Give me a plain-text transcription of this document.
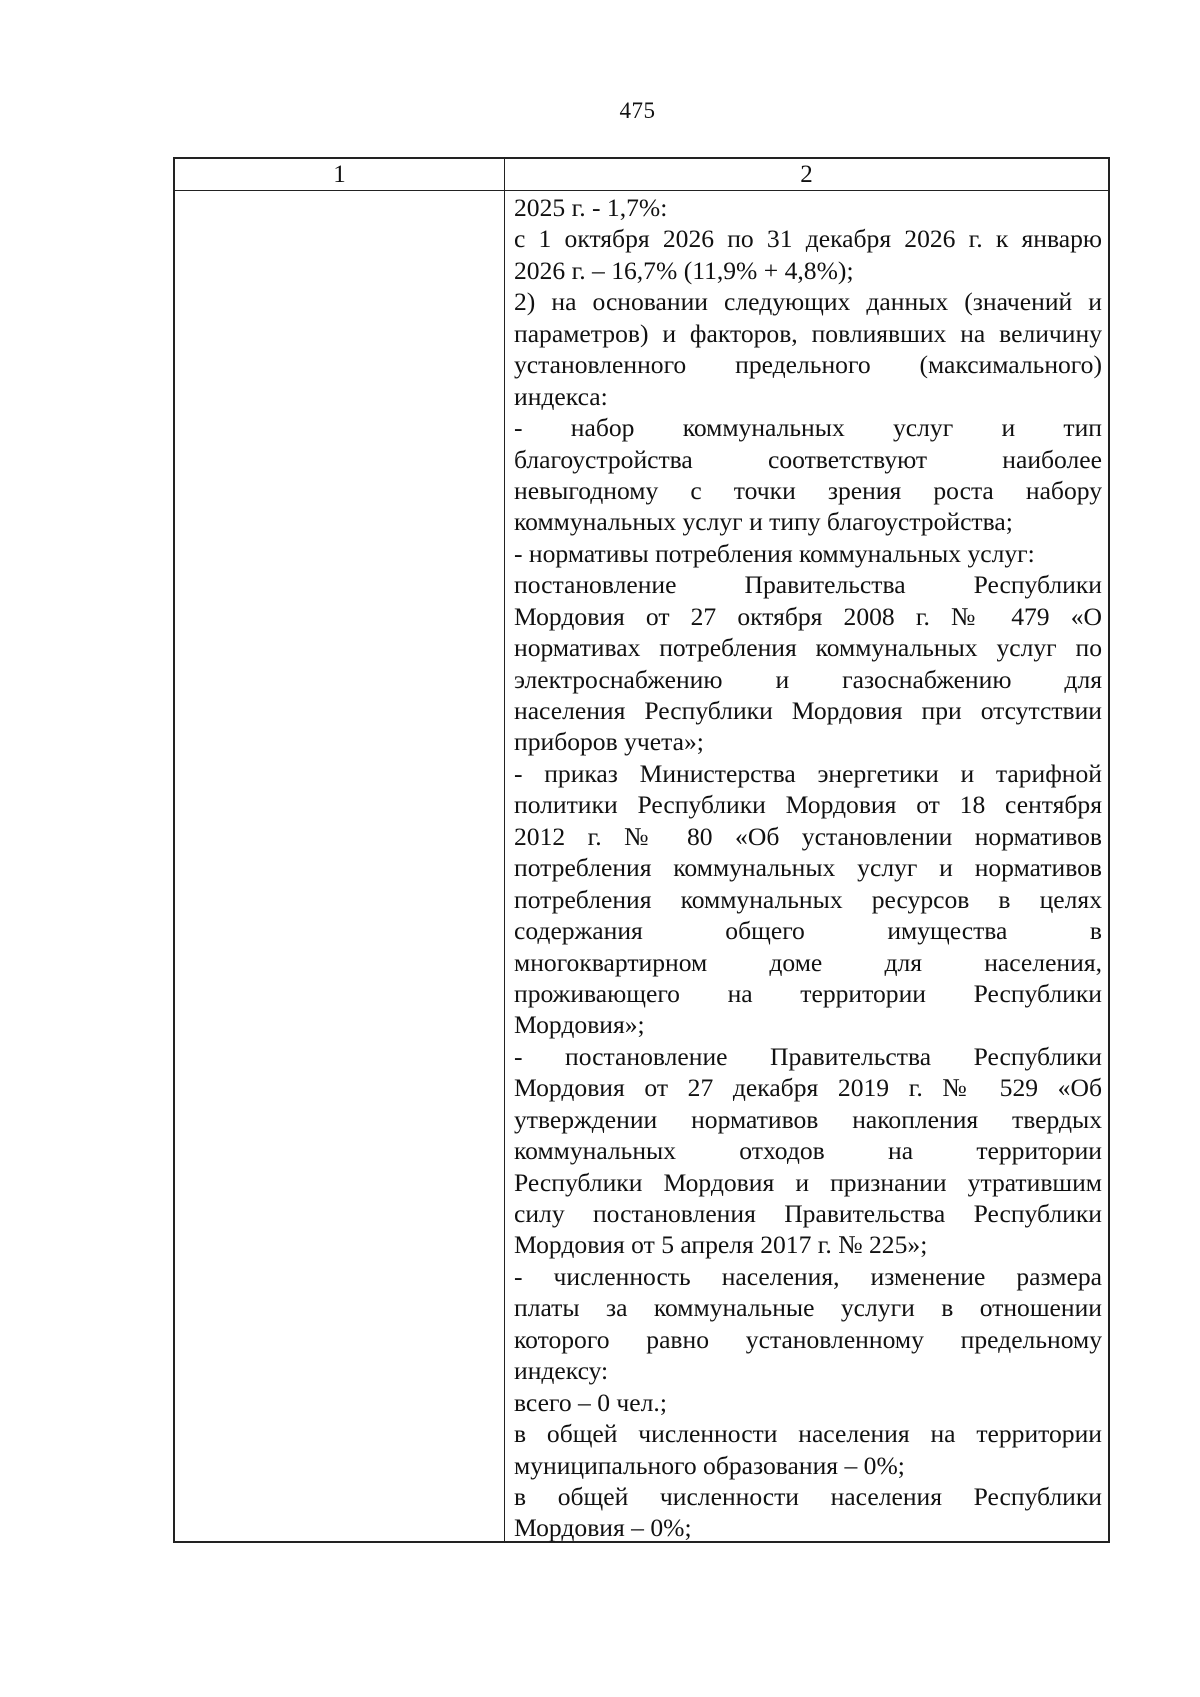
475
1	2
2025 г. - 1,7%:
с 1 октября 2026 по 31 декабря 2026 г. к январю
2026 г. – 16,7% (11,9% + 4,8%);
2) на основании следующих данных (значений и
параметров) и факторов, повлиявших на величину
установленного предельного (максимального)
индекса:
- набор коммунальных услуг и тип
благоустройства соответствуют наиболее
невыгодному с точки зрения роста набору
коммунальных услуг и типу благоустройства;
- нормативы потребления коммунальных услуг:
постановление Правительства Республики
Мордовия от 27 октября 2008 г. № 479 «О
нормативах потребления коммунальных услуг по
электроснабжению и газоснабжению для
населения Республики Мордовия при отсутствии
приборов учета»;
- приказ Министерства энергетики и тарифной
политики Республики Мордовия от 18 сентября
2012 г. № 80 «Об установлении нормативов
потребления коммунальных услуг и нормативов
потребления коммунальных ресурсов в целях
содержания общего имущества в
многоквартирном доме для населения,
проживающего на территории Республики
Мордовия»;
- постановление Правительства Республики
Мордовия от 27 декабря 2019 г. № 529 «Об
утверждении нормативов накопления твердых
коммунальных отходов на территории
Республики Мордовия и признании утратившим
силу постановления Правительства Республики
Мордовия от 5 апреля 2017 г. № 225»;
- численность населения, изменение размера
платы за коммунальные услуги в отношении
которого равно установленному предельному
индексу:
всего – 0 чел.;
в общей численности населения на территории
муниципального образования – 0%;
в общей численности населения Республики
Мордовия – 0%;
